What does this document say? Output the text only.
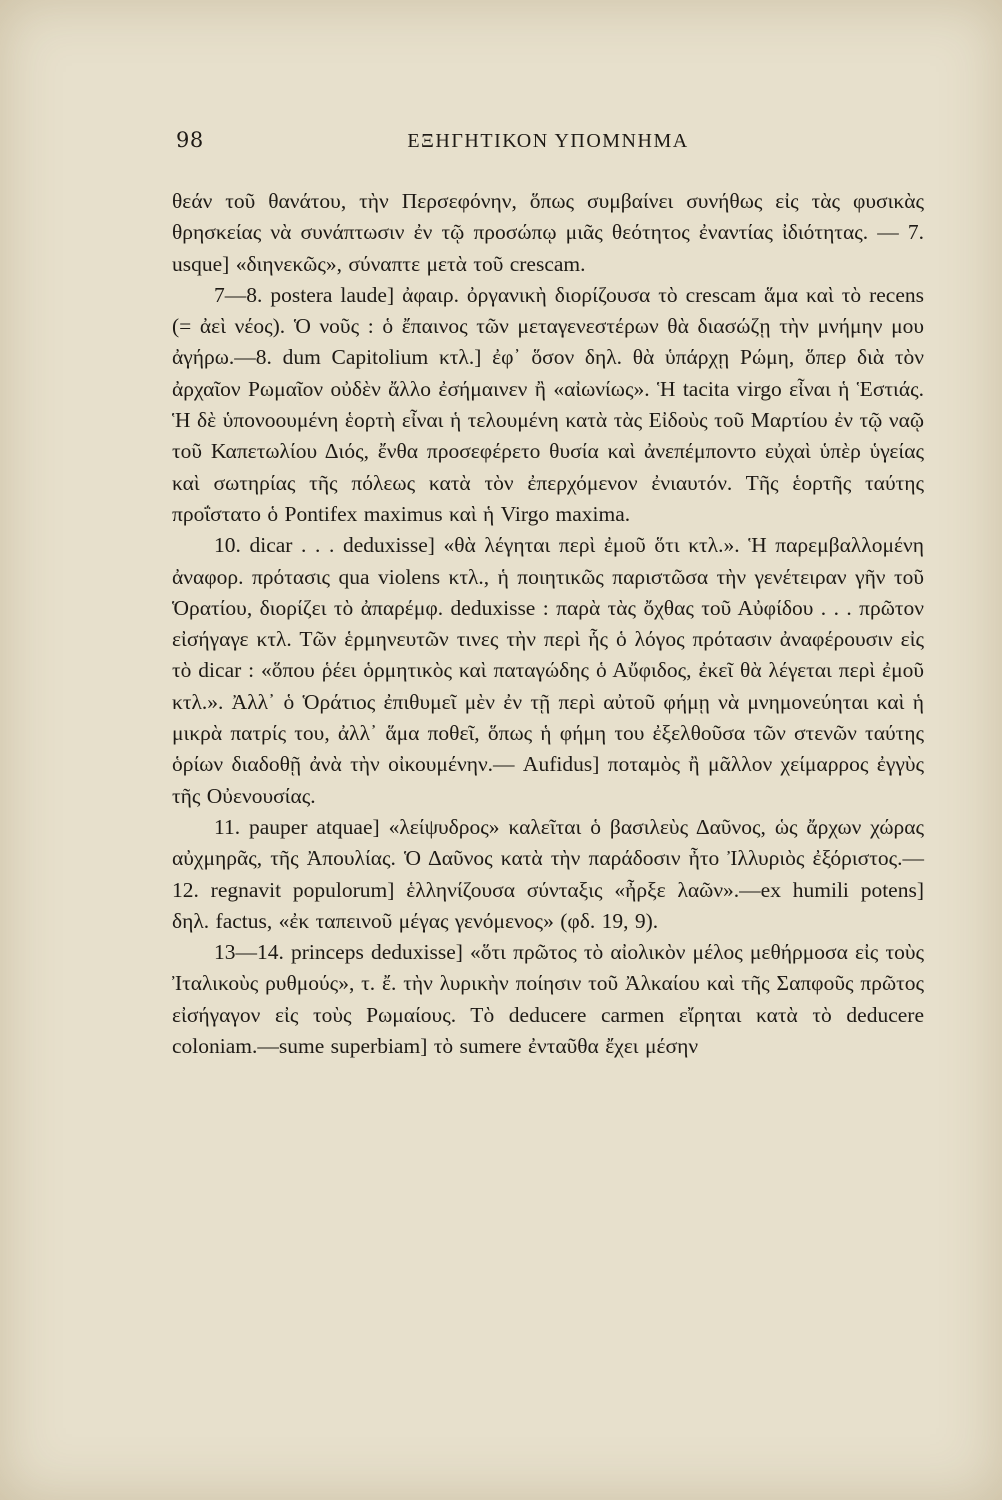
98	ΕΞΗΓΗΤΙΚΟΝ ΥΠΟΜΝΗΜΑ

θεάν τοῦ θανάτου, τὴν Περσεφόνην, ὅπως συμβαίνει συνήθως εἰς τὰς φυσικὰς θρησκείας νὰ συνάπτωσιν ἐν τῷ προσώπῳ μιᾶς θεότητος ἐναντίας ἰδιότητας. — 7. usque] «διηνεκῶς», σύναπτε μετὰ τοῦ crescam.

7—8. postera laude] ἀφαιρ. ὀργανικὴ διορίζουσα τὸ crescam ἅμα καὶ τὸ recens (= ἀεὶ νέος). Ὁ νοῦς : ὁ ἔπαινος τῶν μεταγενεστέρων θὰ διασώζῃ τὴν μνήμην μου ἀγήρω.—8. dum Capitolium κτλ.] ἐφ᾽ ὅσον δηλ. θὰ ὑπάρχῃ Ρώμη, ὅπερ διὰ τὸν ἀρχαῖον Ρωμαῖον οὐδὲν ἄλλο ἐσήμαινεν ἢ «αἰωνίως». Ἡ tacita virgo εἶναι ἡ Ἑστιάς. Ἡ δὲ ὑπονοουμένη ἑορτὴ εἶναι ἡ τελουμένη κατὰ τὰς Εἰδοὺς τοῦ Μαρτίου ἐν τῷ ναῷ τοῦ Καπετωλίου Διός, ἔνθα προσεφέρετο θυσία καὶ ἀνεπέμποντο εὐχαὶ ὑπὲρ ὑγείας καὶ σωτηρίας τῆς πόλεως κατὰ τὸν ἐπερχόμενον ἐνιαυτόν. Τῆς ἑορτῆς ταύτης προΐστατο ὁ Pontifex maximus καὶ ἡ Virgo maxima.

10. dicar . . . deduxisse] «θὰ λέγηται περὶ ἐμοῦ ὅτι κτλ.». Ἡ παρεμβαλλομένη ἀναφορ. πρότασις qua violens κτλ., ἡ ποιητικῶς παριστῶσα τὴν γενέτειραν γῆν τοῦ Ὁρατίου, διορίζει τὸ ἀπαρέμφ. deduxisse : παρὰ τὰς ὄχθας τοῦ Αὐφίδου . . . πρῶτον εἰσήγαγε κτλ. Τῶν ἑρμηνευτῶν τινες τὴν περὶ ἧς ὁ λόγος πρότασιν ἀναφέρουσιν εἰς τὸ dicar : «ὅπου ῥέει ὁρμητικὸς καὶ παταγώδης ὁ Αὔφιδος, ἐκεῖ θὰ λέγεται περὶ ἐμοῦ κτλ.». Ἀλλ᾽ ὁ Ὁράτιος ἐπιθυμεῖ μὲν ἐν τῇ περὶ αὐτοῦ φήμῃ νὰ μνημονεύηται καὶ ἡ μικρὰ πατρίς του, ἀλλ᾽ ἅμα ποθεῖ, ὅπως ἡ φήμη του ἐξελθοῦσα τῶν στενῶν ταύτης ὁρίων διαδοθῇ ἀνὰ τὴν οἰκουμένην.— Aufidus] ποταμὸς ἢ μᾶλλον χείμαρρος ἐγγὺς τῆς Οὐενουσίας.

11. pauper atquae] «λείψυδρος» καλεῖται ὁ βασιλεὺς Δαῦνος, ὡς ἄρχων χώρας αὐχμηρᾶς, τῆς Ἀπουλίας. Ὁ Δαῦνος κατὰ τὴν παράδοσιν ἦτο Ἰλλυριὸς ἐξόριστος.—12. regnavit populorum] ἑλληνίζουσα σύνταξις «ἦρξε λαῶν».—ex humili potens] δηλ. factus, «ἐκ ταπεινοῦ μέγας γενόμενος» (φδ. 19, 9).

13—14. princeps deduxisse] «ὅτι πρῶτος τὸ αἰολικὸν μέλος μεθήρμοσα εἰς τοὺς Ἰταλικοὺς ρυθμούς», τ. ἔ. τὴν λυρικὴν ποίησιν τοῦ Ἀλκαίου καὶ τῆς Σαπφοῦς πρῶτος εἰσήγαγον εἰς τοὺς Ρωμαίους. Τὸ deducere carmen εἴρηται κατὰ τὸ deducere coloniam.—sume superbiam] τὸ sumere ἐνταῦθα ἔχει μέσην
